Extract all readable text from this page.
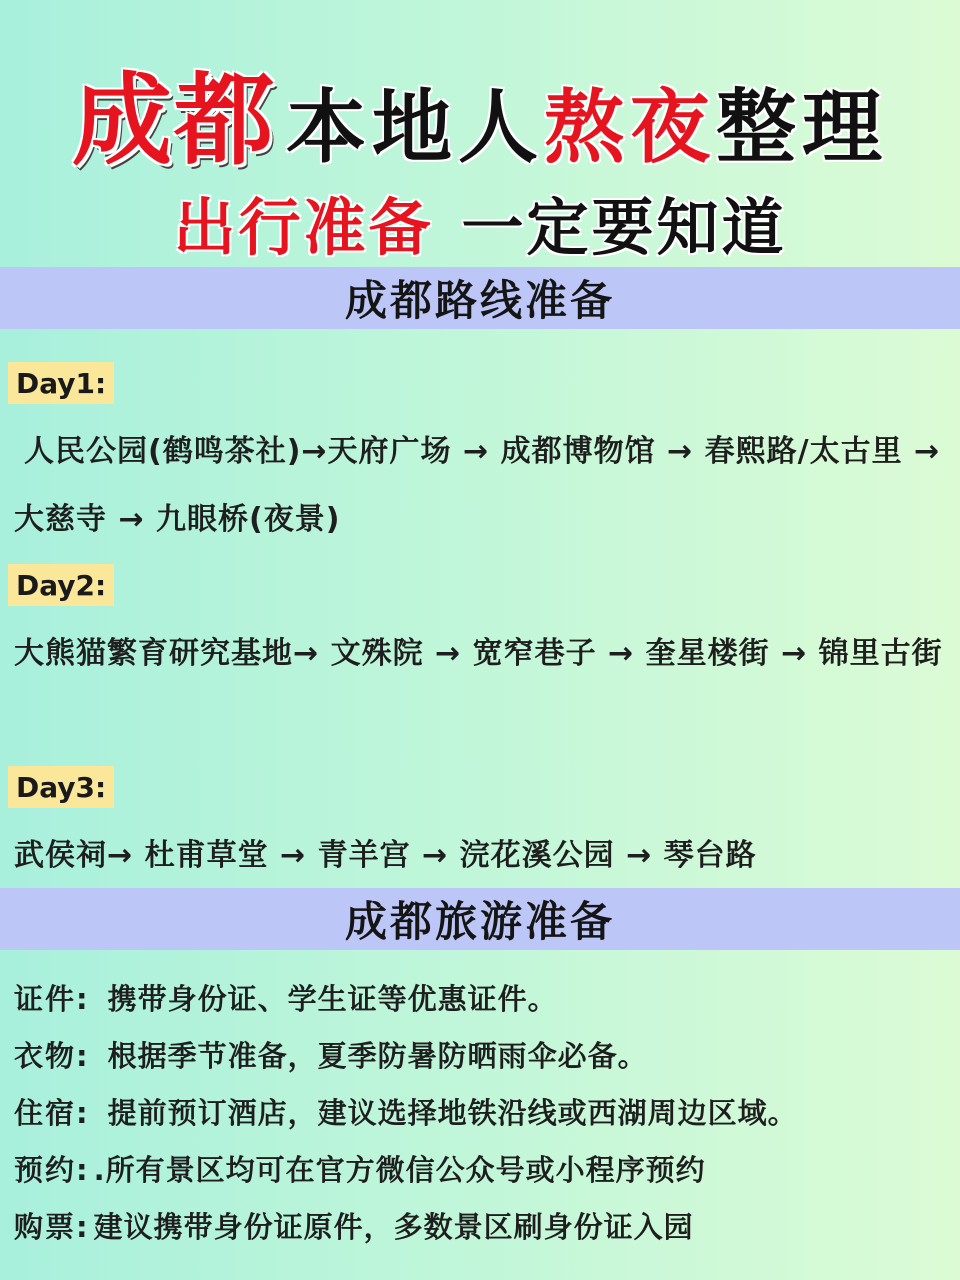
成都 本地人 熬夜 整理
出行准备 一定要知道
成都路线准备
Day1:
人民公园(鹤鸣茶社)→天府广场 → 成都博物馆 → 春熙路/太古里 → 大慈寺 → 九眼桥(夜景)
Day2:
大熊猫繁育研究基地→ 文殊院 → 宽窄巷子 → 奎星楼街 → 锦里古街
Day3:
武侯祠→ 杜甫草堂 → 青羊宫 → 浣花溪公园 → 琴台路
成都旅游准备
证件: 携带身份证、学生证等优惠证件。
衣物: 根据季节准备，夏季防暑防晒雨伞必备。
住宿: 提前预订酒店，建议选择地铁沿线或西湖周边区域。
预约: .所有景区均可在官方微信公众号或小程序预约
购票: 建议携带身份证原件，多数景区刷身份证入园
